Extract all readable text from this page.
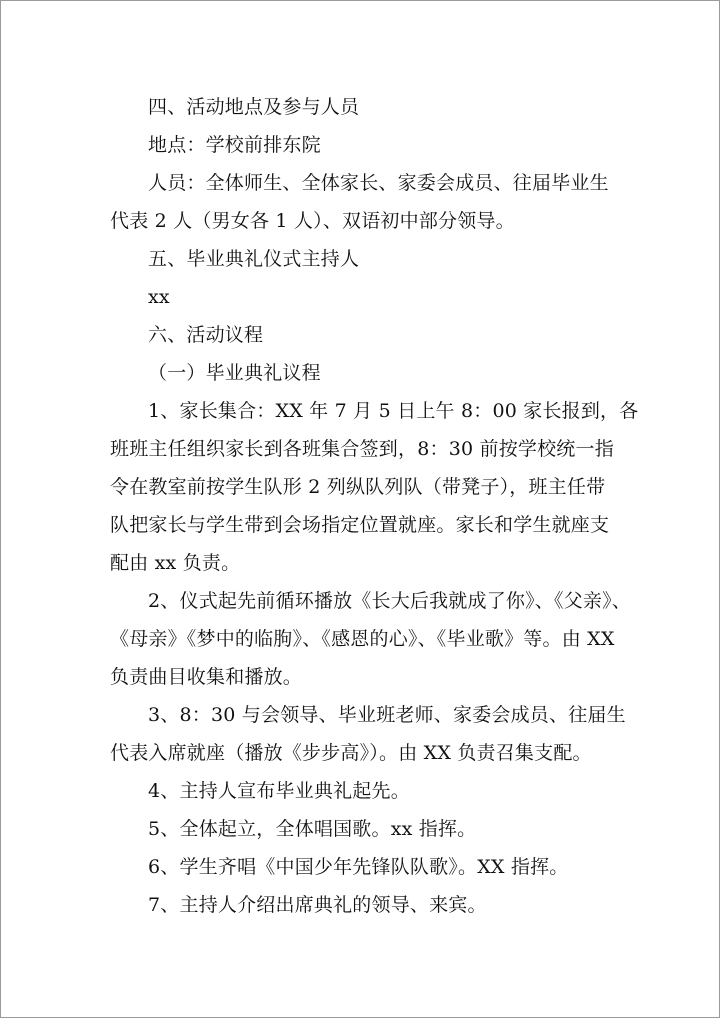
四、活动地点及参与人员
地点：学校前排东院
人员：全体师生、全体家长、家委会成员、往届毕业生
代表 2 人（男女各 1 人）、双语初中部分领导。
五、毕业典礼仪式主持人
xx
六、活动议程
（一）毕业典礼议程
1、家长集合：XX 年 7 月 5 日上午 8：00 家长报到，各
班班主任组织家长到各班集合签到，8：30 前按学校统一指
令在教室前按学生队形 2 列纵队列队（带凳子），班主任带
队把家长与学生带到会场指定位置就座。家长和学生就座支
配由 xx 负责。
2、仪式起先前循环播放《长大后我就成了你》、《父亲》、
《母亲》《梦中的临朐》、《感恩的心》、《毕业歌》等。由 XX
负责曲目收集和播放。
3、8：30 与会领导、毕业班老师、家委会成员、往届生
代表入席就座（播放《步步高》）。由 XX 负责召集支配。
4、主持人宣布毕业典礼起先。
5、全体起立，全体唱国歌。xx 指挥。
6、学生齐唱《中国少年先锋队队歌》。XX 指挥。
7、主持人介绍出席典礼的领导、来宾。
